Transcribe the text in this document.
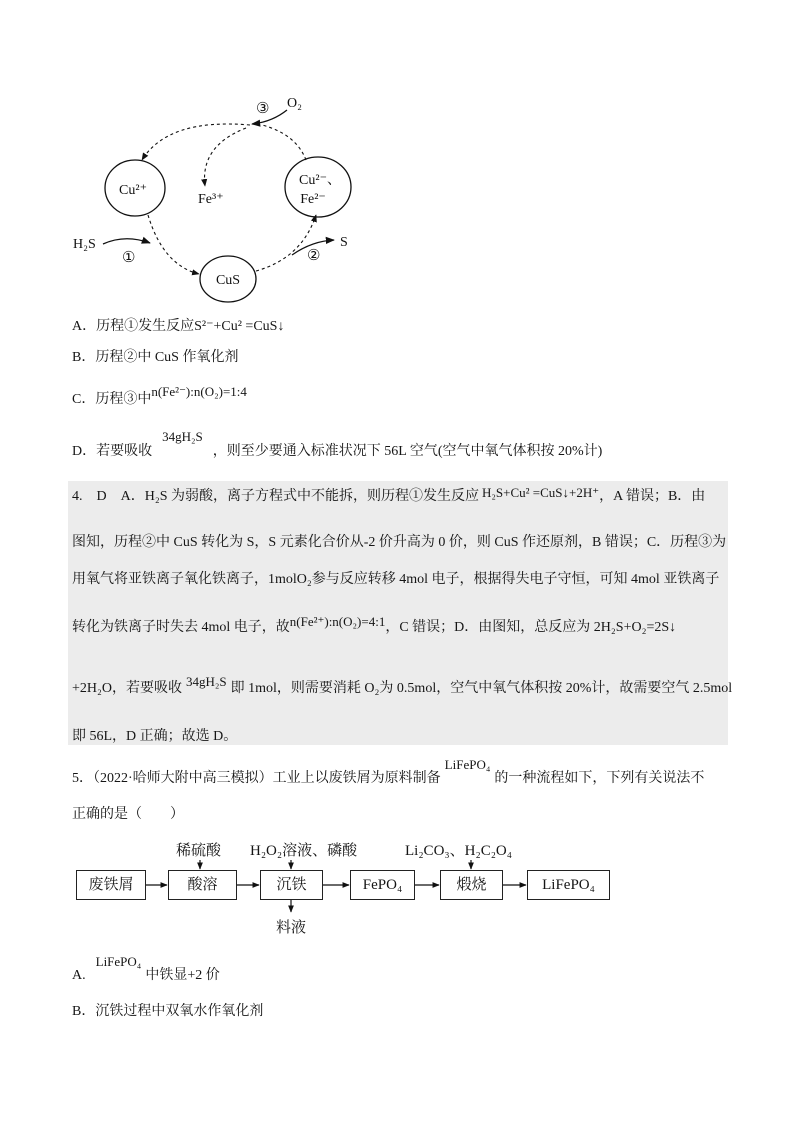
③ O₂
Cu²⁺
Fe³⁺
Cu²⁻、
Fe²⁻
H₂S
①
CuS
②
S
A．历程①发生反应S²⁻+Cu² =CuS↓
B．历程②中 CuS 作氧化剂
C．历程③中n(Fe²⁻):n(O₂)=1:4
D．若要吸收34gH₂S，则至少要通入标准状况下 56L 空气(空气中氧气体积按 20%计)
4.　D　A．H₂S 为弱酸，离子方程式中不能拆，则历程①发生反应 H₂S+Cu² =CuS↓+2H⁺，A 错误；B．由
图知，历程②中 CuS 转化为 S，S 元素化合价从-2 价升高为 0 价，则 CuS 作还原剂，B 错误；C．历程③为
用氧气将亚铁离子氧化铁离子，1molO₂参与反应转移 4mol 电子，根据得失电子守恒，可知 4mol 亚铁离子
转化为铁离子时失去 4mol 电子，故n(Fe²⁺):n(O₂)=4:1，C 错误；D．由图知，总反应为 2H₂S+O₂=2S↓
+2H₂O，若要吸收 34gH₂S 即 1mol，则需要消耗 O₂为 0.5mol，空气中氧气体积按 20%计，故需要空气 2.5mol
即 56L，D 正确；故选 D。
5．（2022·哈师大附中高三模拟）工业上以废铁屑为原料制备LiFePO₄的一种流程如下，下列有关说法不
正确的是（　　）
稀硫酸 H₂O₂溶液、磷酸	Li₂CO₃、H₂C₂O₄
废铁屑	酸溶	沉铁	FePO₄	煅烧	LiFePO₄
料液
A.LiFePO₄中铁显+2 价
B．沉铁过程中双氧水作氧化剂
